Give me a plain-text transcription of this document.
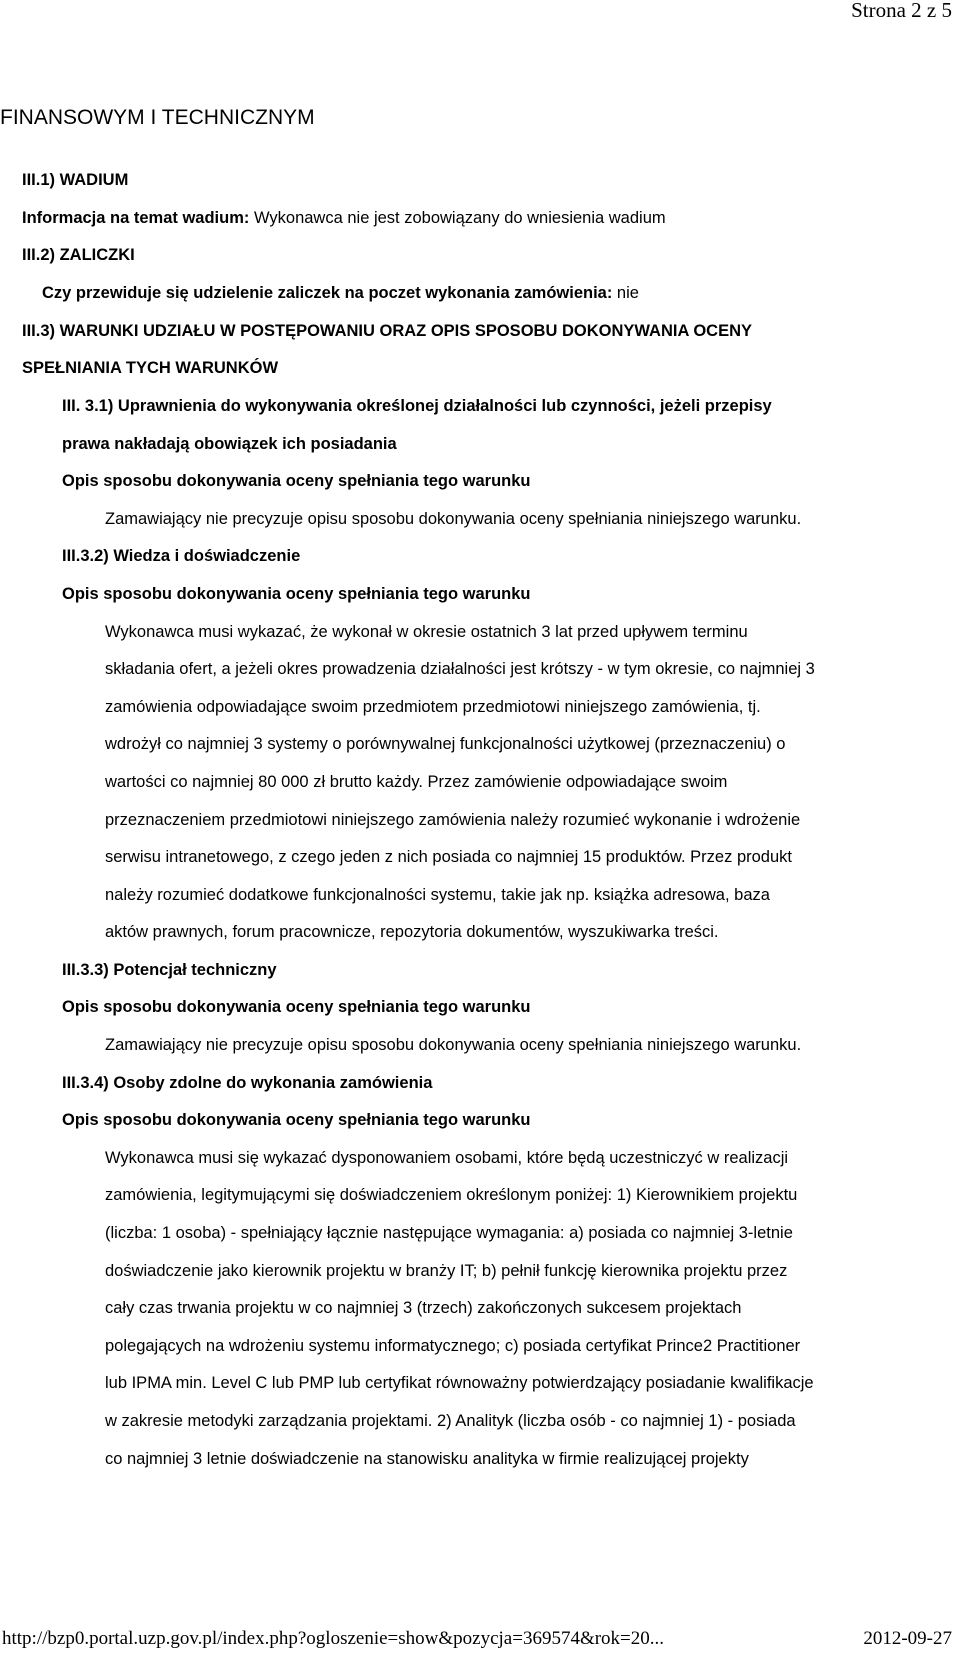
Strona 2 z 5
FINANSOWYM I TECHNICZNYM
III.1) WADIUM
Informacja na temat wadium: Wykonawca nie jest zobowiązany do wniesienia wadium
III.2) ZALICZKI
Czy przewiduje się udzielenie zaliczek na poczet wykonania zamówienia: nie
III.3) WARUNKI UDZIAŁU W POSTĘPOWANIU ORAZ OPIS SPOSOBU DOKONYWANIA OCENY
SPEŁNIANIA TYCH WARUNKÓW
III. 3.1) Uprawnienia do wykonywania określonej działalności lub czynności, jeżeli przepisy
prawa nakładają obowiązek ich posiadania
Opis sposobu dokonywania oceny spełniania tego warunku
Zamawiający nie precyzuje opisu sposobu dokonywania oceny spełniania niniejszego warunku.
III.3.2) Wiedza i doświadczenie
Opis sposobu dokonywania oceny spełniania tego warunku
Wykonawca musi wykazać, że wykonał w okresie ostatnich 3 lat przed upływem terminu
składania ofert, a jeżeli okres prowadzenia działalności jest krótszy - w tym okresie, co najmniej 3
zamówienia odpowiadające swoim przedmiotem przedmiotowi niniejszego zamówienia, tj.
wdrożył co najmniej 3 systemy o porównywalnej funkcjonalności użytkowej (przeznaczeniu) o
wartości co najmniej 80 000 zł brutto każdy. Przez zamówienie odpowiadające swoim
przeznaczeniem przedmiotowi niniejszego zamówienia należy rozumieć wykonanie i wdrożenie
serwisu intranetowego, z czego jeden z nich posiada co najmniej 15 produktów. Przez produkt
należy rozumieć dodatkowe funkcjonalności systemu, takie jak np. książka adresowa, baza
aktów prawnych, forum pracownicze, repozytoria dokumentów, wyszukiwarka treści.
III.3.3) Potencjał techniczny
Opis sposobu dokonywania oceny spełniania tego warunku
Zamawiający nie precyzuje opisu sposobu dokonywania oceny spełniania niniejszego warunku.
III.3.4) Osoby zdolne do wykonania zamówienia
Opis sposobu dokonywania oceny spełniania tego warunku
Wykonawca musi się wykazać dysponowaniem osobami, które będą uczestniczyć w realizacji
zamówienia, legitymującymi się doświadczeniem określonym poniżej: 1) Kierownikiem projektu
(liczba: 1 osoba) - spełniający łącznie następujące wymagania: a) posiada co najmniej 3-letnie
doświadczenie jako kierownik projektu w branży IT; b) pełnił funkcję kierownika projektu przez
cały czas trwania projektu w co najmniej 3 (trzech) zakończonych sukcesem projektach
polegających na wdrożeniu systemu informatycznego; c) posiada certyfikat Prince2 Practitioner
lub IPMA min. Level C lub PMP lub certyfikat równoważny potwierdzający posiadanie kwalifikacje
w zakresie metodyki zarządzania projektami. 2) Analityk (liczba osób - co najmniej 1) - posiada
co najmniej 3 letnie doświadczenie na stanowisku analityka w firmie realizującej projekty
http://bzp0.portal.uzp.gov.pl/index.php?ogloszenie=show&pozycja=369574&rok=20...	2012-09-27
